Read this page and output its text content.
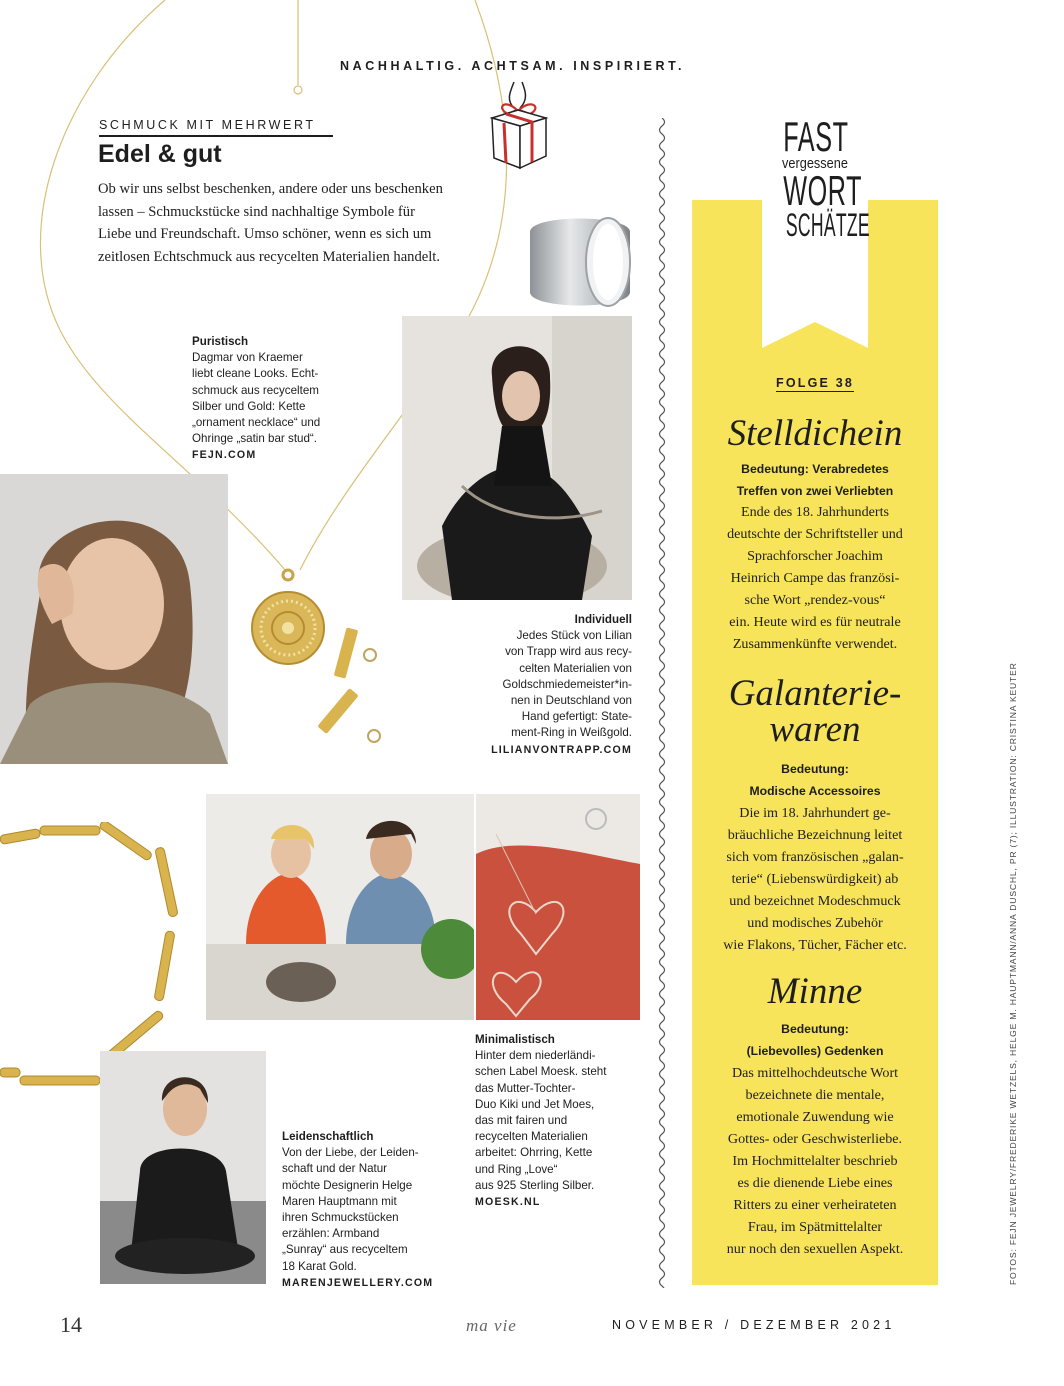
NACHHALTIG. ACHTSAM. INSPIRIERT.
SCHMUCK MIT MEHRWERT
Edel & gut
Ob wir uns selbst beschenken, andere oder uns beschenken lassen – Schmuckstücke sind nachhaltige Symbole für Liebe und Freundschaft. Umso schöner, wenn es sich um zeitlosen Echtschmuck aus recycelten Materialien handelt.
Puristisch
Dagmar von Kraemer
liebt cleane Looks. Echt-
schmuck aus recyceltem
Silber und Gold: Kette
„ornament necklace“ und
Ohringe „satin bar stud“.
FEJN.COM
Individuell
Jedes Stück von Lilian
von Trapp wird aus recy-
celten Materialien von
Goldschmiedemeister*in-
nen in Deutschland von
Hand gefertigt: State-
ment-Ring in Weißgold.
LILIANVONTRAPP.COM
Minimalistisch
Hinter dem niederländi-
schen Label Moesk. steht
das Mutter-Tochter-
Duo Kiki und Jet Moes,
das mit fairen und
recycelten Materialien
arbeitet: Ohrring, Kette
und Ring „Love“
aus 925 Sterling Silber.
MOESK.NL
Leidenschaftlich
Von der Liebe, der Leiden-
schaft und der Natur
möchte Designerin Helge
Maren Hauptmann mit
ihren Schmuckstücken
erzählen: Armband
„Sunray“ aus recyceltem
18 Karat Gold.
MARENJEWELLERY.COM
FAST
vergessene
WORT
SCHÄTZE
FOLGE 38
Stelldichein
Bedeutung: Verabredetes
Treffen von zwei Verliebten
Ende des 18. Jahrhunderts
deutschte der Schriftsteller und
Sprachforscher Joachim
Heinrich Campe das französi-
sche Wort „rendez-vous“
ein. Heute wird es für neutrale
Zusammenkünfte verwendet.
Galanterie-
waren
Bedeutung:
Modische Accessoires
Die im 18. Jahrhundert ge-
bräuchliche Bezeichnung leitet
sich vom französischen „galan-
terie“ (Liebenswürdigkeit) ab
und bezeichnet Modeschmuck
und modisches Zubehör
wie Flakons, Tücher, Fächer etc.
Minne
Bedeutung:
(Liebevolles) Gedenken
Das mittelhochdeutsche Wort
bezeichnete die mentale,
emotionale Zuwendung wie
Gottes- oder Geschwisterliebe.
Im Hochmittelalter beschrieb
es die dienende Liebe eines
Ritters zu einer verheirateten
Frau, im Spätmittelalter
nur noch den sexuellen Aspekt.	FOTOS: FEJN JEWELRY/FREDERIKE WETZELS, HELGE M. HAUPTMANN/ANNA DUSCHL, PR (7); ILLUSTRATION: CRISTINA KEUTER
14	ma vie	NOVEMBER / DEZEMBER 2021
